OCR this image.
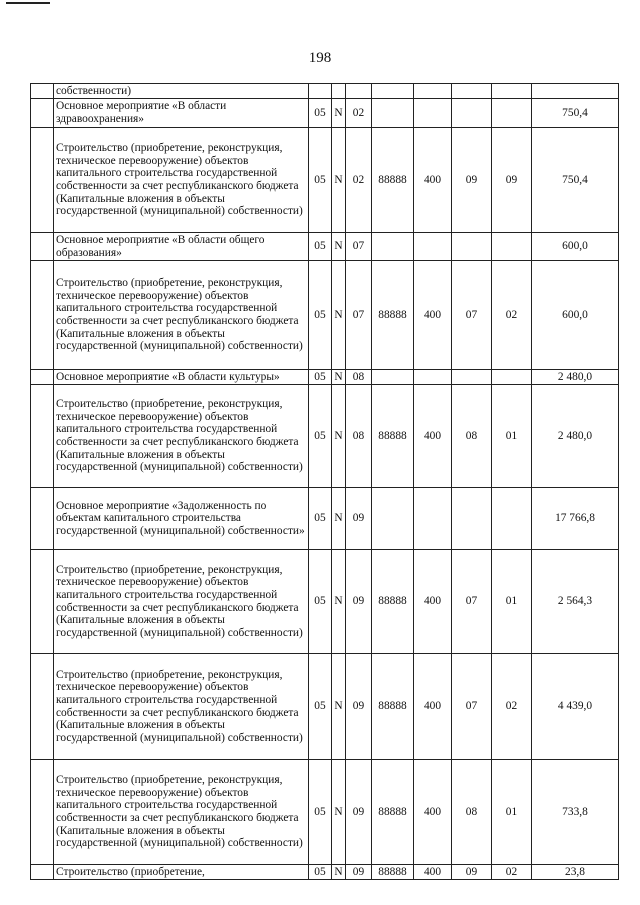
198
	собственности)								
	Основное мероприятие «В области здравоохранения»	05	N	02					750,4
	Строительство (приобретение, реконструкция, техническое перевооружение) объектов капитального строительства государственной собственности за счет республиканского бюджета (Капитальные вложения в объекты государственной (муниципальной) собственности)	05	N	02	88888	400	09	09	750,4
	Основное мероприятие «В области общего образования»	05	N	07					600,0
	Строительство (приобретение, реконструкция, техническое перевооружение) объектов капитального строительства государственной собственности за счет республиканского бюджета (Капитальные вложения в объекты государственной (муниципальной) собственности)	05	N	07	88888	400	07	02	600,0
	Основное мероприятие «В области культуры»	05	N	08					2 480,0
	Строительство (приобретение, реконструкция, техническое перевооружение) объектов капитального строительства государственной собственности за счет республиканского бюджета (Капитальные вложения в объекты государственной (муниципальной) собственности)	05	N	08	88888	400	08	01	2 480,0
	Основное мероприятие «Задолженность по объектам капитального строительства государственной (муниципальной) собственности»	05	N	09					17 766,8
	Строительство (приобретение, реконструкция, техническое перевооружение) объектов капитального строительства государственной собственности за счет республиканского бюджета (Капитальные вложения в объекты государственной (муниципальной) собственности)	05	N	09	88888	400	07	01	2 564,3
	Строительство (приобретение, реконструкция, техническое перевооружение) объектов капитального строительства государственной собственности за счет республиканского бюджета (Капитальные вложения в объекты государственной (муниципальной) собственности)	05	N	09	88888	400	07	02	4 439,0
	Строительство (приобретение, реконструкция, техническое перевооружение) объектов капитального строительства государственной собственности за счет республиканского бюджета (Капитальные вложения в объекты государственной (муниципальной) собственности)	05	N	09	88888	400	08	01	733,8
	Строительство (приобретение,	05	N	09	88888	400	09	02	23,8
